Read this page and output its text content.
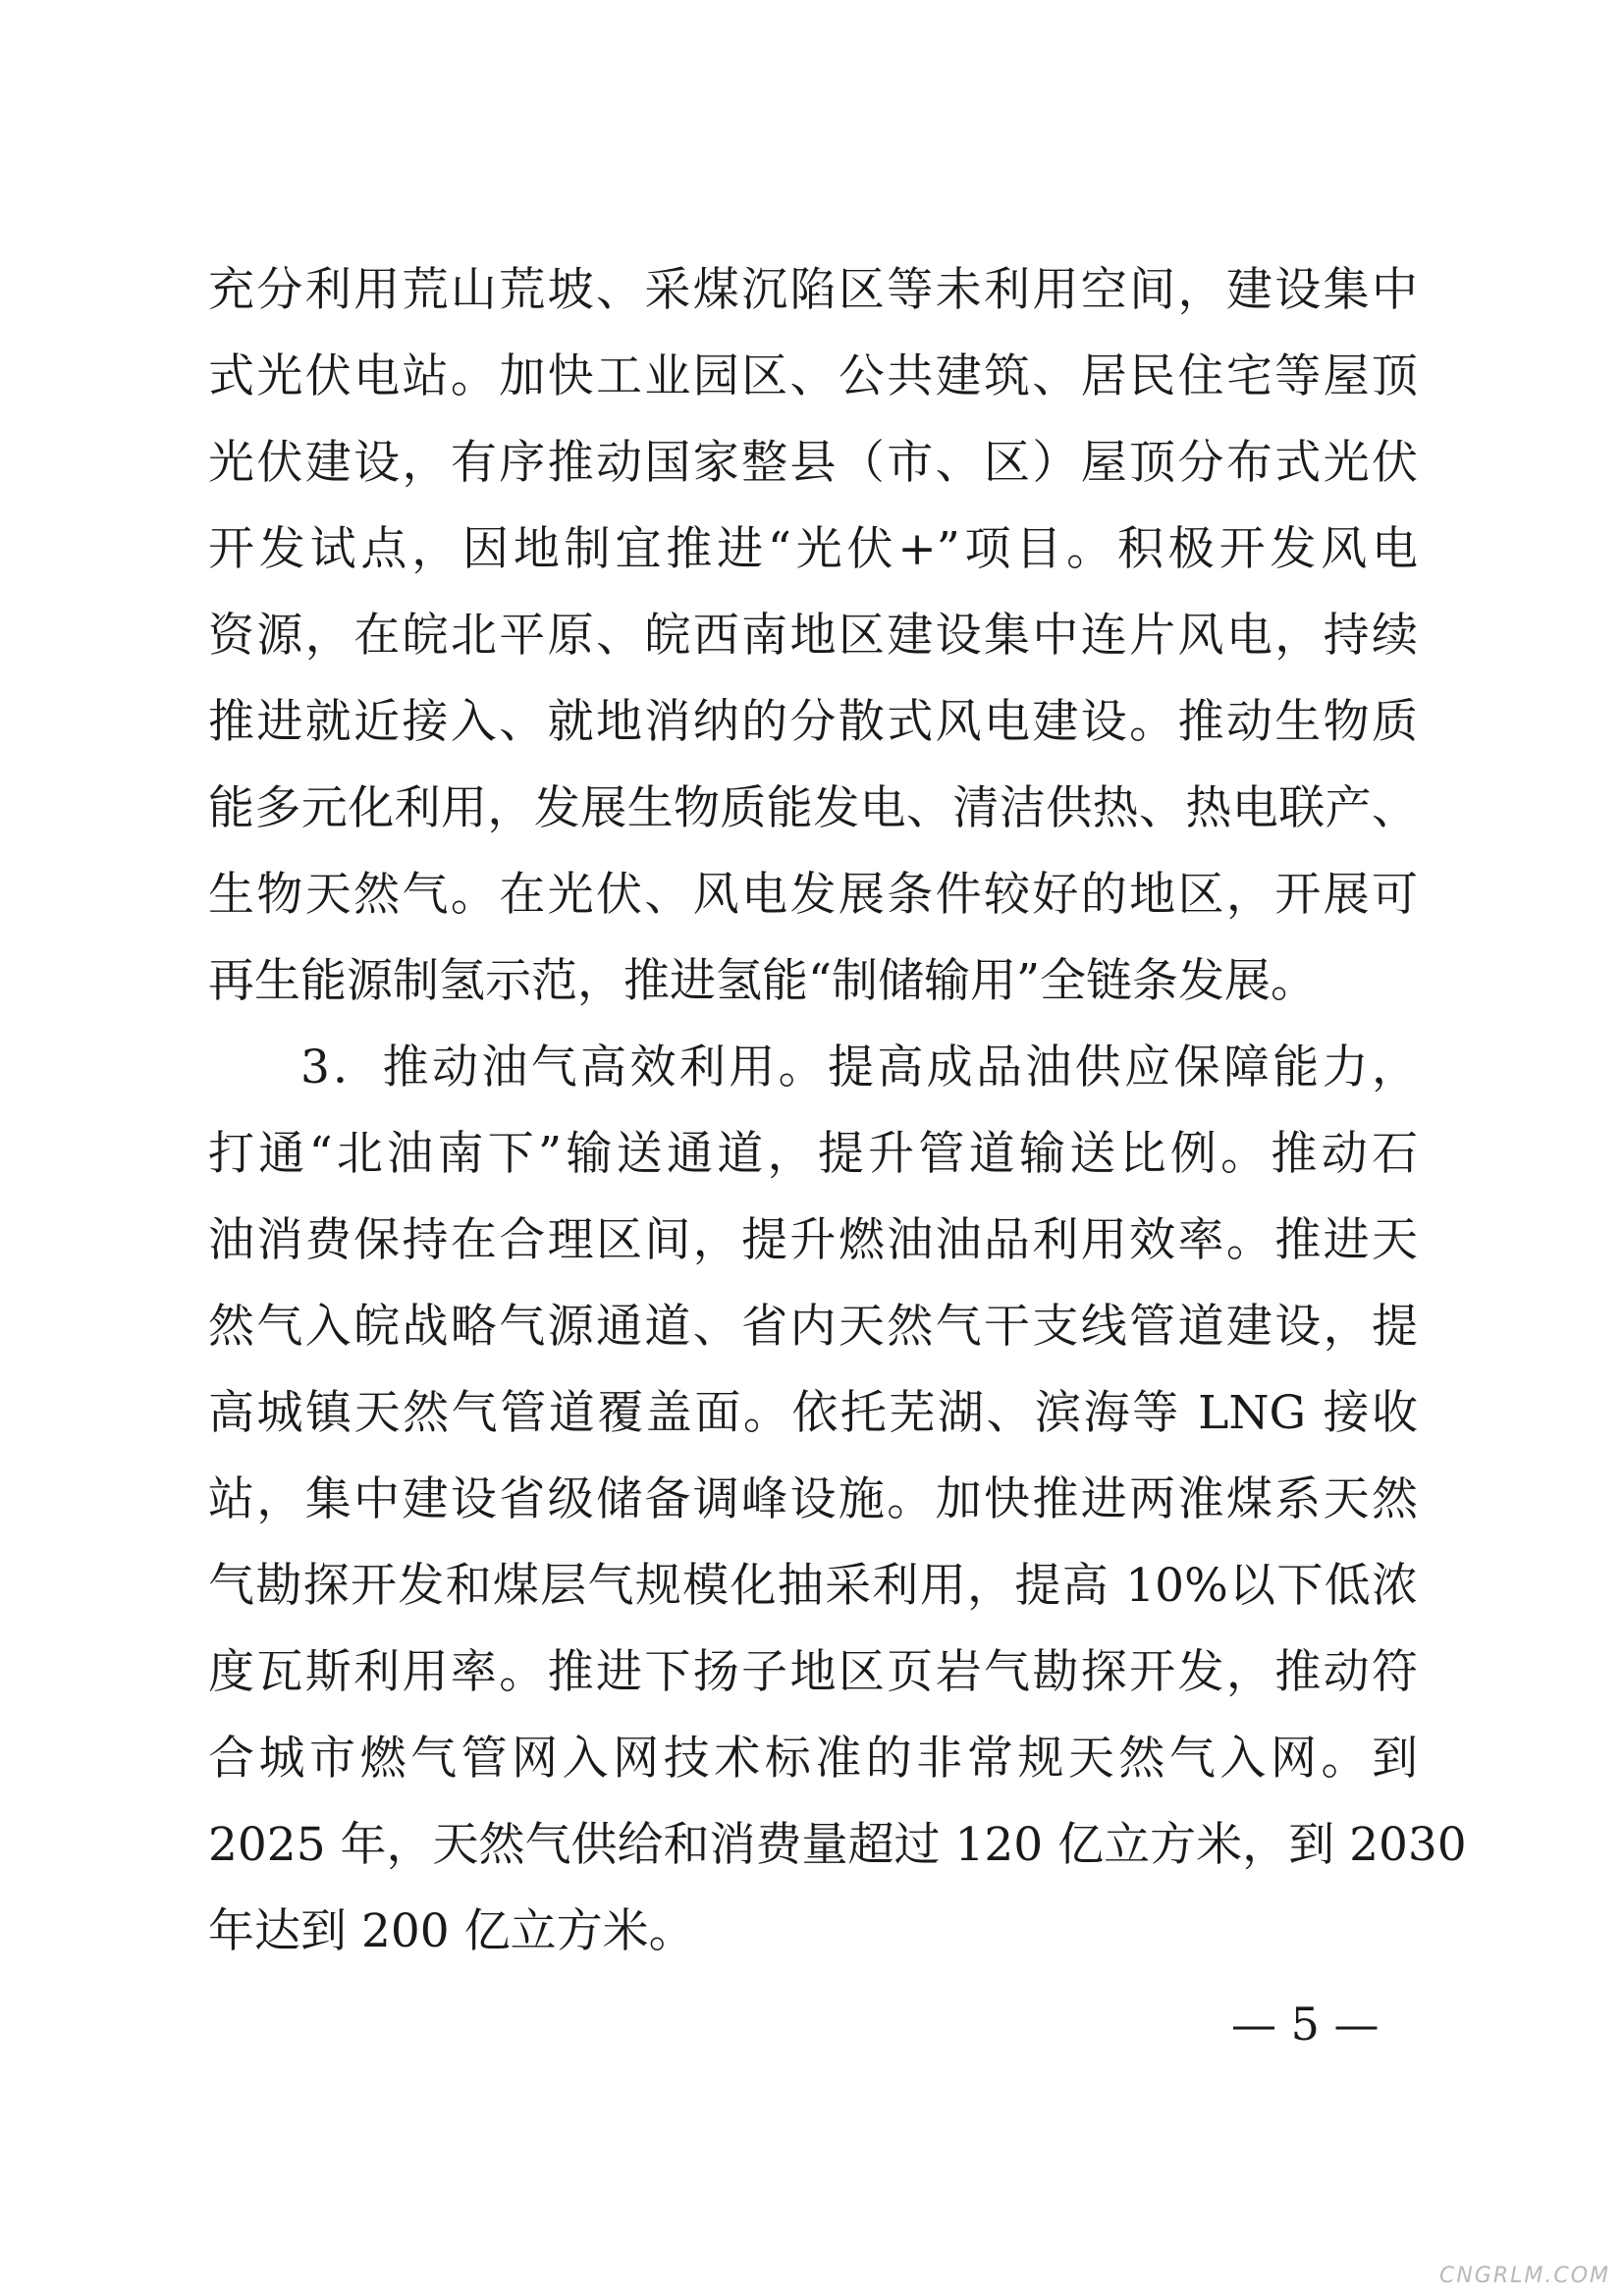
充分利用荒山荒坡、采煤沉陷区等未利用空间，建设集中
式光伏电站。加快工业园区、公共建筑、居民住宅等屋顶
光伏建设，有序推动国家整县（市、区）屋顶分布式光伏
开发试点，因地制宜推进“光伏+”项目。积极开发风电
资源，在皖北平原、皖西南地区建设集中连片风电，持续
推进就近接入、就地消纳的分散式风电建设。推动生物质
能多元化利用，发展生物质能发电、清洁供热、热电联产、
生物天然气。在光伏、风电发展条件较好的地区，开展可
再生能源制氢示范，推进氢能“制储输用”全链条发展。
3．推动油气高效利用。提高成品油供应保障能力，
打通“北油南下”输送通道，提升管道输送比例。推动石
油消费保持在合理区间，提升燃油油品利用效率。推进天
然气入皖战略气源通道、省内天然气干支线管道建设，提
高城镇天然气管道覆盖面。依托芜湖、滨海等 LNG 接收
站，集中建设省级储备调峰设施。加快推进两淮煤系天然
气勘探开发和煤层气规模化抽采利用，提高 10%以下低浓
度瓦斯利用率。推进下扬子地区页岩气勘探开发，推动符
合城市燃气管网入网技术标准的非常规天然气入网。到
2025 年，天然气供给和消费量超过 120 亿立方米，到 2030
年达到 200 亿立方米。
— 5 —
CNGRLM.COM
